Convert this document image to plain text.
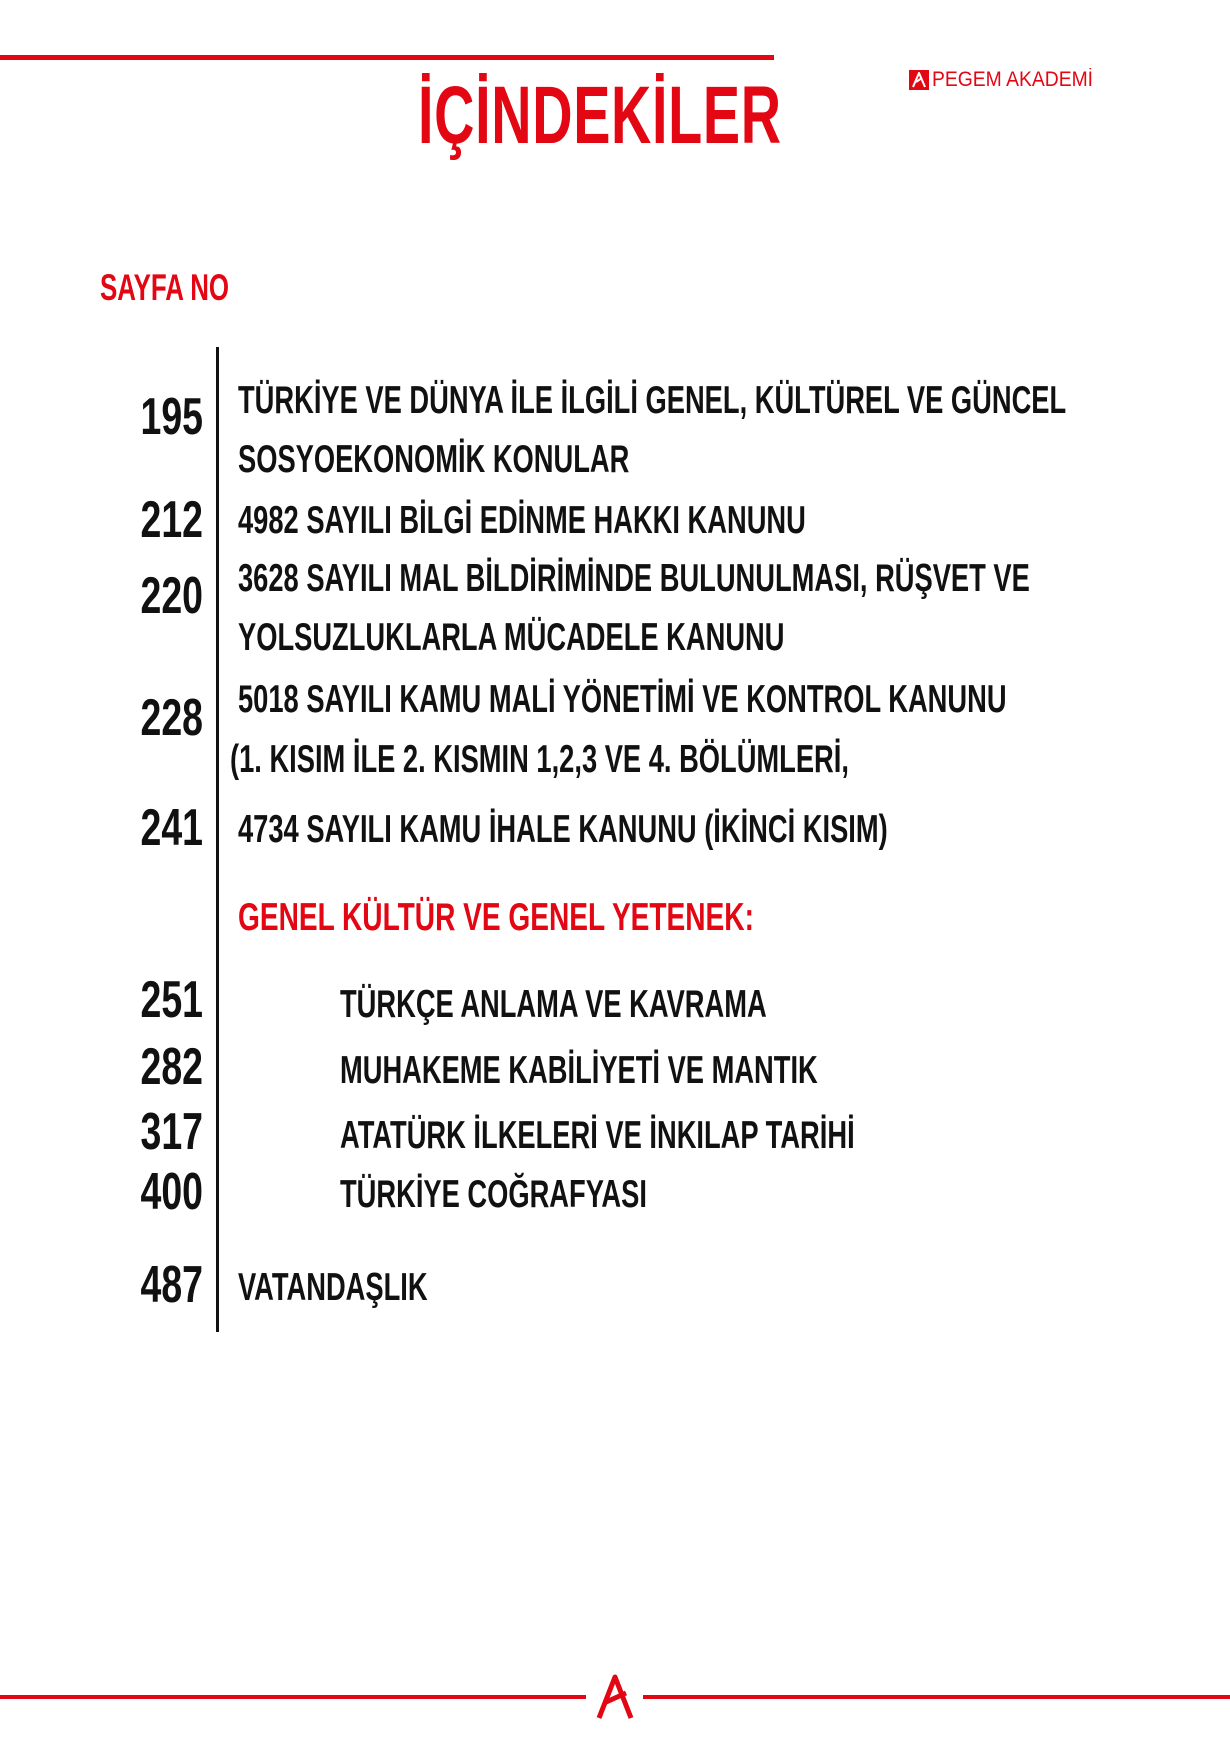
İÇİNDEKİLER	PEGEM AKADEMİ
SAYFA NO
195 TÜRKİYE VE DÜNYA İLE İLGİLİ GENEL, KÜLTÜREL VE GÜNCEL
SOSYOEKONOMİK KONULAR
212 4982 SAYILI BİLGİ EDİNME HAKKI KANUNU
220 3628 SAYILI MAL BİLDİRİMİNDE BULUNULMASI, RÜŞVET VE
YOLSUZLUKLARLA MÜCADELE KANUNU
228 5018 SAYILI KAMU MALİ YÖNETİMİ VE KONTROL KANUNU
(1. KISIM İLE 2. KISMIN 1,2,3 VE 4. BÖLÜMLERİ,
241 4734 SAYILI KAMU İHALE KANUNU (İKİNCİ KISIM)
GENEL KÜLTÜR VE GENEL YETENEK:
251	TÜRKÇE ANLAMA VE KAVRAMA
282	MUHAKEME KABİLİYETİ VE MANTIK
317	ATATÜRK İLKELERİ VE İNKILAP TARİHİ
400	TÜRKİYE COĞRAFYASI
487 VATANDAŞLIK
